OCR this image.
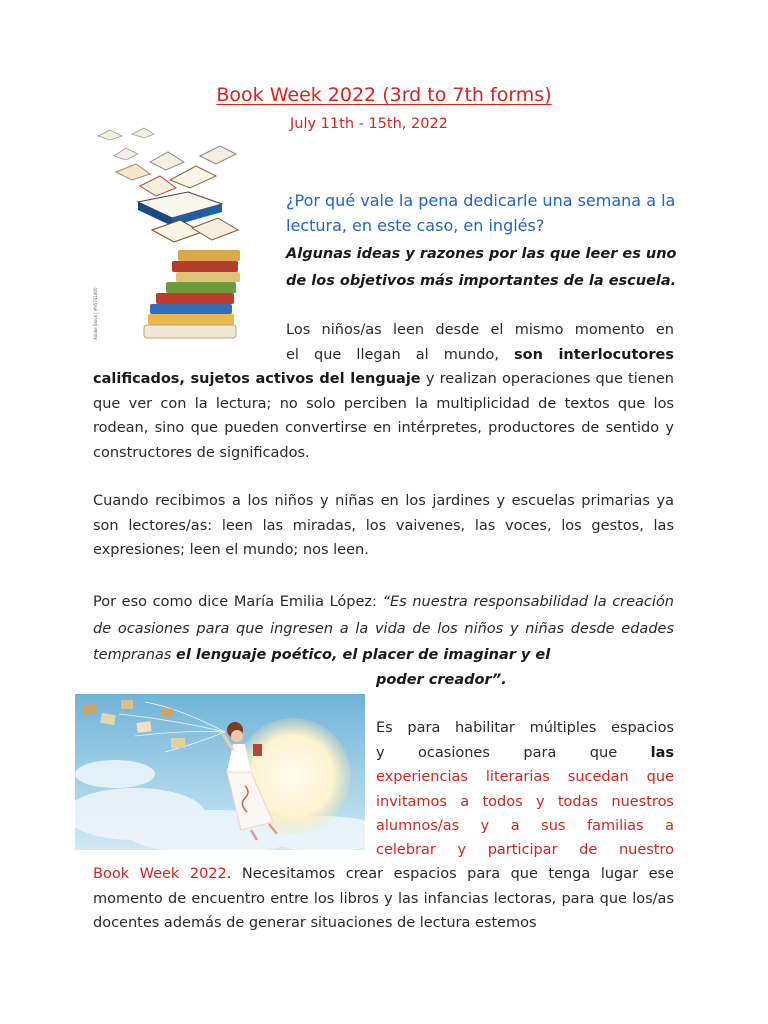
Book Week 2022 (3rd to 7th forms)
July 11th - 15th, 2022
Adobe Stock | #95741800
¿Por qué vale la pena dedicarle una semana a la lectura, en este caso, en inglés?
Algunas ideas y razones por las que leer es uno de los objetivos más importantes de la escuela.
Los niños/as leen desde el mismo momento en
el que llegan al mundo, son interlocutores
calificados, sujetos activos del lenguaje y realizan operaciones que tienen que ver con la lectura; no solo perciben la multiplicidad de textos que los rodean, sino que pueden convertirse en intérpretes, productores de sentido y constructores de significados.
Cuando recibimos a los niños y niñas en los jardines y escuelas primarias ya son lectores/as: leen las miradas, los vaivenes, las voces, los gestos, las expresiones; leen el mundo; nos leen.
Por eso como dice María Emilia López: “Es nuestra responsabilidad la creación de ocasiones para que ingresen a la vida de los niños y niñas desde edades tempranas el lenguaje poético, el placer de imaginar y el
poder creador”.
Es para habilitar múltiples espacios
y ocasiones para que las
experiencias literarias sucedan que
invitamos a todos y todas nuestros
alumnos/as y a sus familias a
celebrar y participar de nuestro
Book Week 2022. Necesitamos crear espacios para que tenga lugar ese momento de encuentro entre los libros y las infancias lectoras, para que los/as docentes además de generar situaciones de lectura estemos
